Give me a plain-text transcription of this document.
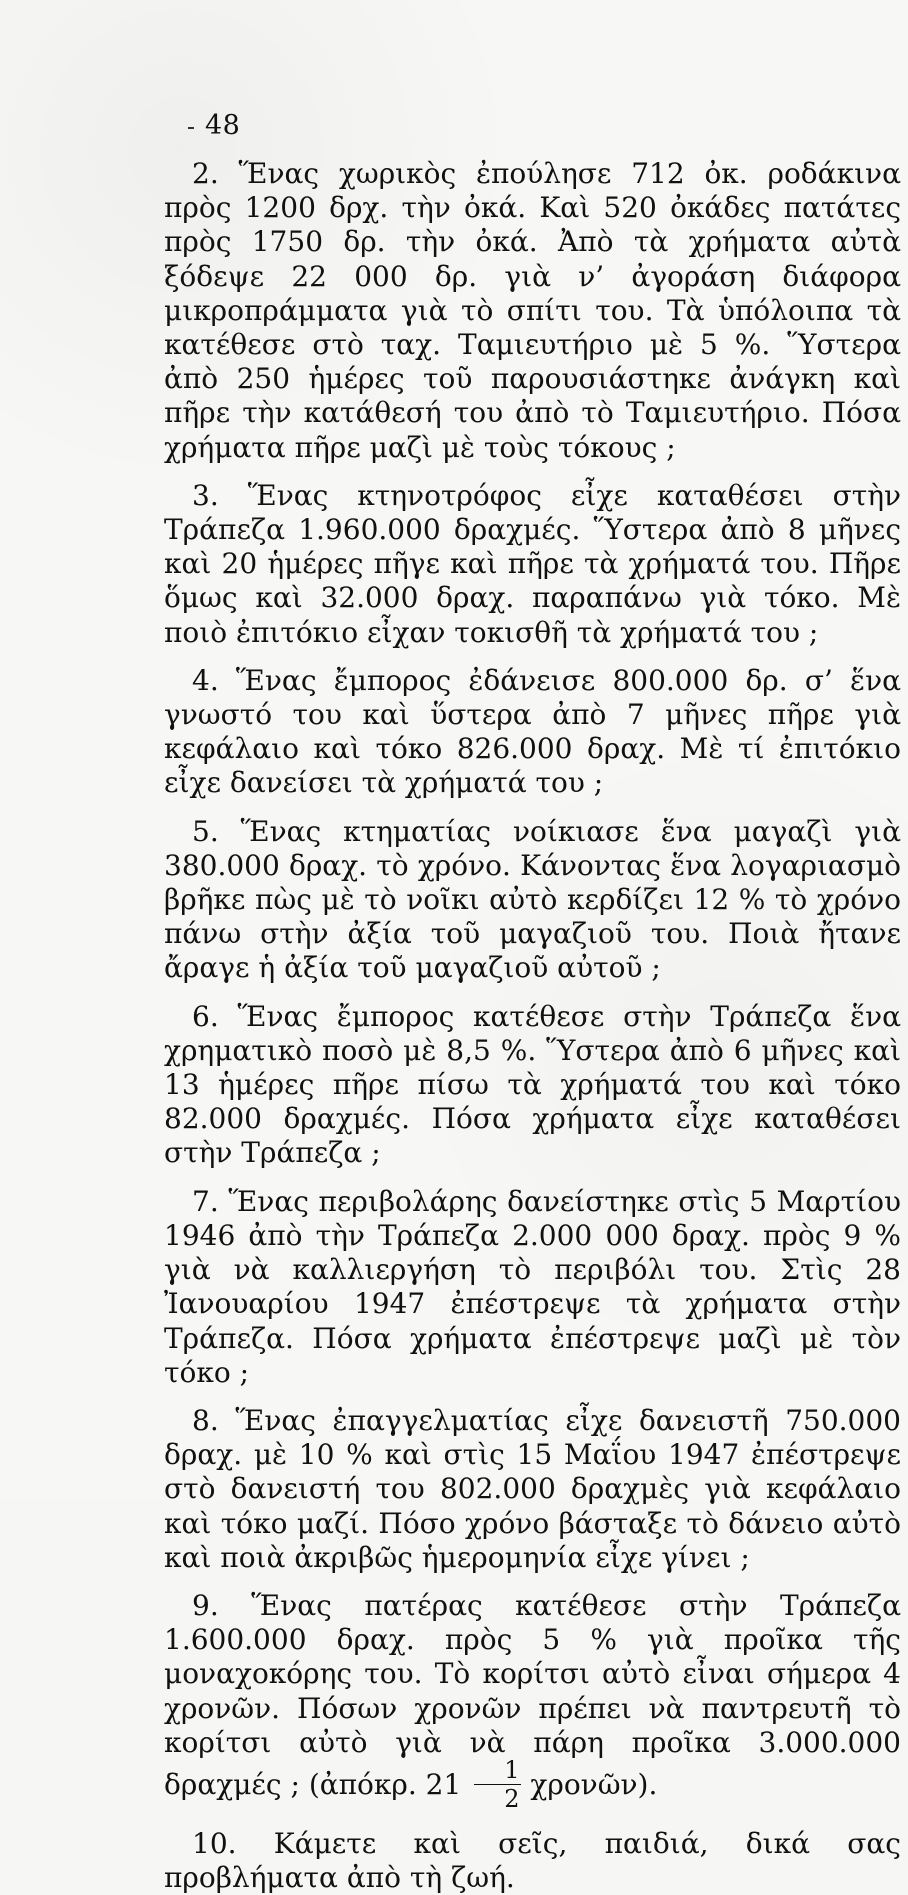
48

2. Ἕνας χωρικὸς ἐπούλησε 712 ὀκ. ροδάκινα πρὸς 1200 δρχ. τὴν ὀκά. Καὶ 520 ὀκάδες πατάτες πρὸς 1750 δρ. τὴν ὀκά. Ἀπὸ τὰ χρήματα αὐτὰ ξόδεψε 22 000 δρ. γιὰ ν’ ἀγοράση διάφορα μικροπράμματα γιὰ τὸ σπίτι του. Τὰ ὑπόλοιπα τὰ κατέθεσε στὸ ταχ. Ταμιευτήριο μὲ 5 %. Ὕστερα ἀπὸ 250 ἡμέρες τοῦ παρουσιάστηκε ἀνάγκη καὶ πῆρε τὴν κατάθεσή του ἀπὸ τὸ Ταμιευτήριο. Πόσα χρήματα πῆρε μαζὶ μὲ τοὺς τόκους ;

3. Ἕνας κτηνοτρόφος εἶχε καταθέσει στὴν Τράπεζα 1.960.000 δραχμές. Ὕστερα ἀπὸ 8 μῆνες καὶ 20 ἡμέρες πῆγε καὶ πῆρε τὰ χρήματά του. Πῆρε ὅμως καὶ 32.000 δραχ. παραπάνω γιὰ τόκο. Μὲ ποιὸ ἐπιτόκιο εἶχαν τοκισθῆ τὰ χρήματά του ;

4. Ἕνας ἔμπορος ἐδάνεισε 800.000 δρ. σ’ ἕνα γνωστό του καὶ ὕστερα ἀπὸ 7 μῆνες πῆρε γιὰ κεφάλαιο καὶ τόκο 826.000 δραχ. Μὲ τί ἐπιτόκιο εἶχε δανείσει τὰ χρήματά του ;

5. Ἕνας κτηματίας νοίκιασε ἕνα μαγαζὶ γιὰ 380.000 δραχ. τὸ χρόνο. Κάνοντας ἕνα λογαριασμὸ βρῆκε πὼς μὲ τὸ νοῖκι αὐτὸ κερδίζει 12 % τὸ χρόνο πάνω στὴν ἀξία τοῦ μαγαζιοῦ του. Ποιὰ ἤτανε ἄραγε ἡ ἀξία τοῦ μαγαζιοῦ αὐτοῦ ;

6. Ἕνας ἔμπορος κατέθεσε στὴν Τράπεζα ἕνα χρηματικὸ ποσὸ μὲ 8,5 %. Ὕστερα ἀπὸ 6 μῆνες καὶ 13 ἡμέρες πῆρε πίσω τὰ χρήματά του καὶ τόκο 82.000 δραχμές. Πόσα χρήματα εἶχε καταθέσει στὴν Τράπεζα ;

7. Ἕνας περιβολάρης δανείστηκε στὶς 5 Μαρτίου 1946 ἀπὸ τὴν Τράπεζα 2.000 000 δραχ. πρὸς 9 % γιὰ νὰ καλλιεργήση τὸ περιβόλι του. Στὶς 28 Ἰανουαρίου 1947 ἐπέστρεψε τὰ χρήματα στὴν Τράπεζα. Πόσα χρήματα ἐπέστρεψε μαζὶ μὲ τὸν τόκο ;

8. Ἕνας ἐπαγγελματίας εἶχε δανειστῆ 750.000 δραχ. μὲ 10 % καὶ στὶς 15 Μαΐου 1947 ἐπέστρεψε στὸ δανειστή του 802.000 δραχμὲς γιὰ κεφάλαιο καὶ τόκο μαζί. Πόσο χρόνο βάσταξε τὸ δάνειο αὐτὸ καὶ ποιὰ ἀκριβῶς ἡμερομηνία εἶχε γίνει ;

9. Ἕνας πατέρας κατέθεσε στὴν Τράπεζα 1.600.000 δραχ. πρὸς 5 % γιὰ προῖκα τῆς μοναχοκόρης του. Τὸ κορίτσι αὐτὸ εἶναι σήμερα 4 χρονῶν. Πόσων χρονῶν πρέπει νὰ παντρευτῆ τὸ κορίτσι αὐτὸ γιὰ νὰ πάρη προῖκα 3.000.000 δραχμές ; (ἀπόκρ. $21 \frac{1}{2}$ χρονῶν).

10. Κάμετε καὶ σεῖς, παιδιά, δικά σας προβλήματα ἀπὸ τὴ ζωή.
